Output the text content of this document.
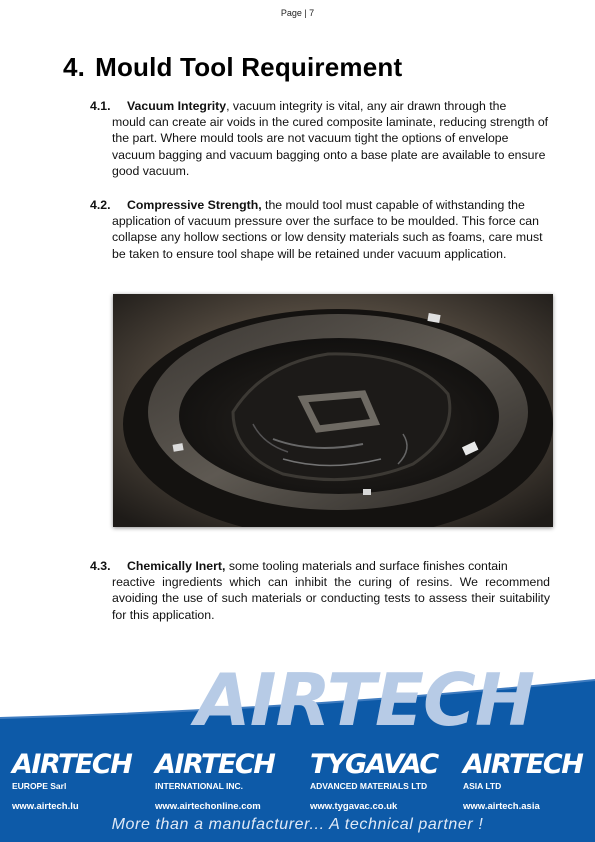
Page | 7
4. Mould Tool Requirement
4.1. Vacuum Integrity, vacuum integrity is vital, any air drawn through the
mould can create air voids in the cured composite laminate, reducing strength of the part. Where mould tools are not vacuum tight the options of envelope vacuum bagging and vacuum bagging onto a base plate are available to ensure good vacuum.
4.2. Compressive Strength, the mould tool must capable of withstanding the
application of vacuum pressure over the surface to be moulded. This force can collapse any hollow sections or low density materials such as foams, care must be taken to ensure tool shape will be retained under vacuum application.
4.3. Chemically Inert, some tooling materials and surface finishes contain
reactive ingredients which can inhibit the curing of resins. We recommend avoiding the use of such materials or conducting tests to assess their suitability for this application.
AIRTECH
AIRTECH
EUROPE Sarl
www.airtech.lu
AIRTECH
INTERNATIONAL INC.
www.airtechonline.com
TYGAVAC
ADVANCED MATERIALS LTD
www.tygavac.co.uk
AIRTECH
ASIA LTD
www.airtech.asia
More than a manufacturer... A technical partner !
